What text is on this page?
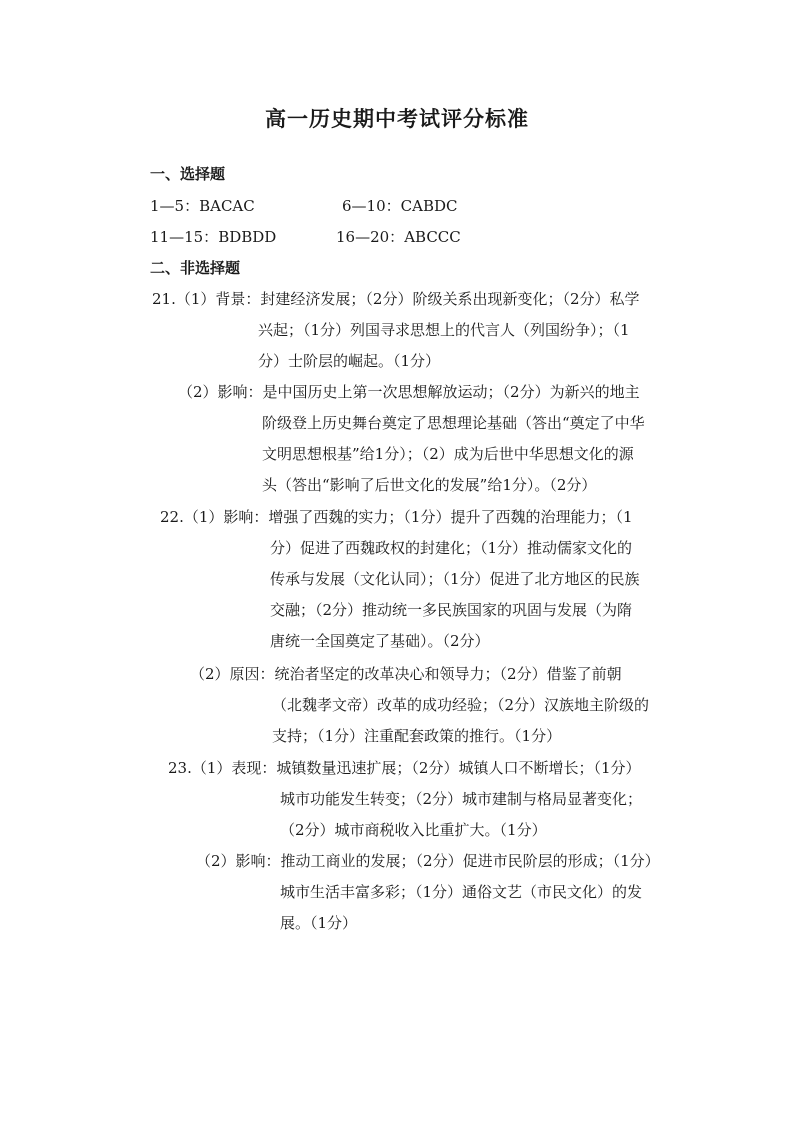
高一历史期中考试评分标准
一、选择题
1—5：BACAC	6—10：CABDC
11—15：BDBDD	16—20：ABCCC
二、非选择题
21.（1）背景：封建经济发展；（2分）阶级关系出现新变化；（2分）私学
兴起；（1分）列国寻求思想上的代言人（列国纷争）；（1
分）士阶层的崛起。（1分）
（2）影响：是中国历史上第一次思想解放运动；（2分）为新兴的地主
阶级登上历史舞台奠定了思想理论基础（答出“奠定了中华
文明思想根基”给1分）；（2）成为后世中华思想文化的源
头（答出“影响了后世文化的发展”给1分）。（2分）
22.（1）影响：增强了西魏的实力；（1分）提升了西魏的治理能力；（1
分）促进了西魏政权的封建化；（1分）推动儒家文化的
传承与发展（文化认同）；（1分）促进了北方地区的民族
交融；（2分）推动统一多民族国家的巩固与发展（为隋
唐统一全国奠定了基础）。（2分）
（2）原因：统治者坚定的改革决心和领导力；（2分）借鉴了前朝
（北魏孝文帝）改革的成功经验；（2分）汉族地主阶级的
支持；（1分）注重配套政策的推行。（1分）
23.（1）表现：城镇数量迅速扩展；（2分）城镇人口不断增长；（1分）
城市功能发生转变；（2分）城市建制与格局显著变化；
（2分）城市商税收入比重扩大。（1分）
（2）影响：推动工商业的发展；（2分）促进市民阶层的形成；（1分）
城市生活丰富多彩；（1分）通俗文艺（市民文化）的发
展。（1分）
